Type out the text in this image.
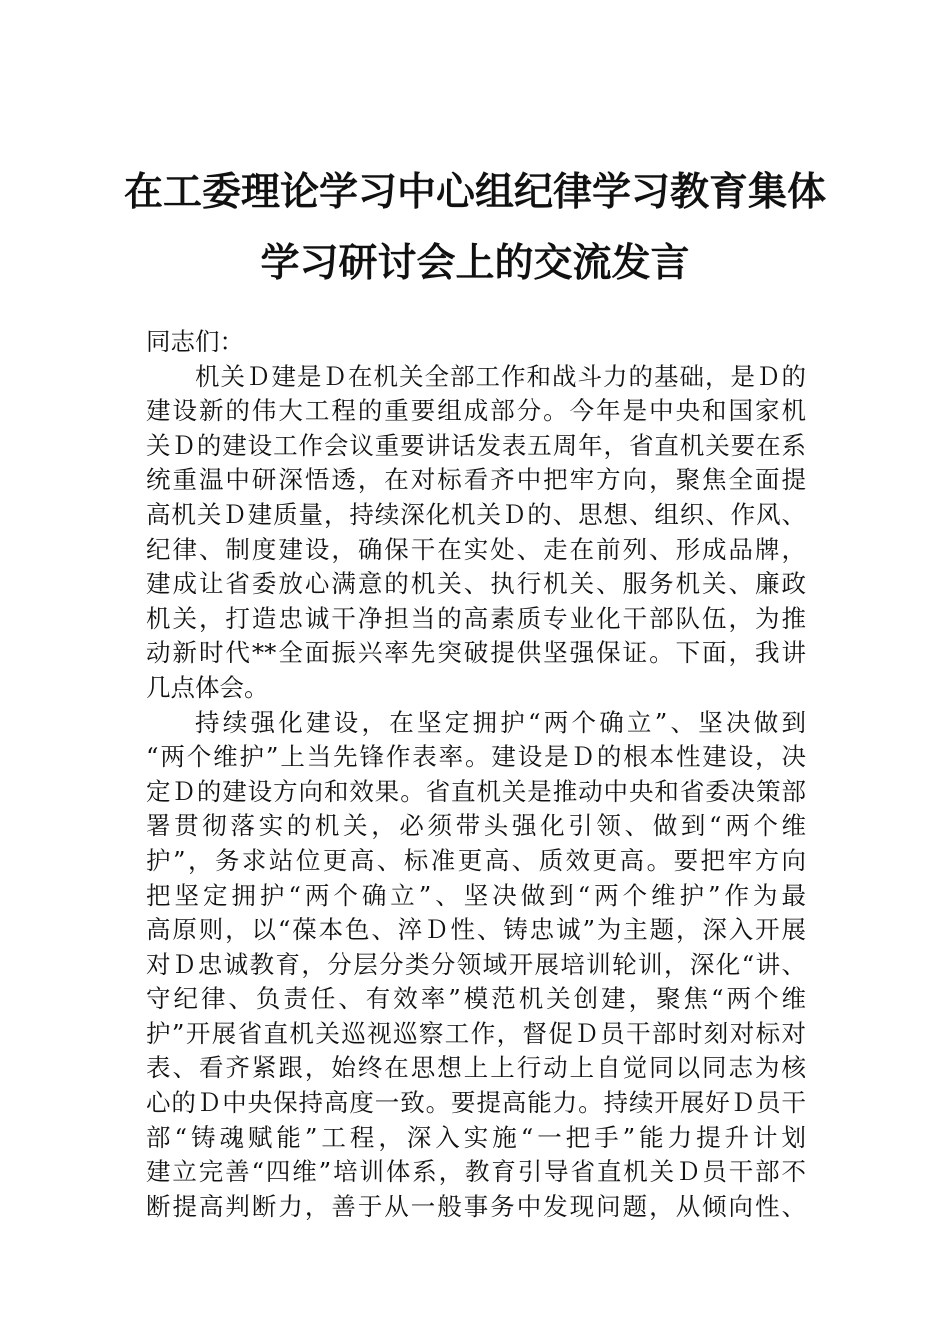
在工委理论学习中心组纪律学习教育集体
学习研讨会上的交流发言
同志们：
机关Ｄ建是Ｄ在机关全部工作和战斗力的基础，是Ｄ的
建设新的伟大工程的重要组成部分。今年是中央和国家机
关Ｄ的建设工作会议重要讲话发表五周年，省直机关要在系
统重温中研深悟透，在对标看齐中把牢方向，聚焦全面提
高机关Ｄ建质量，持续深化机关Ｄ的、思想、组织、作风、
纪律、制度建设，确保干在实处、走在前列、形成品牌，
建成让省委放心满意的机关、执行机关、服务机关、廉政
机关，打造忠诚干净担当的高素质专业化干部队伍，为推
动新时代**全面振兴率先突破提供坚强保证。下面，我讲
几点体会。
持续强化建设，在坚定拥护“两个确立”、坚决做到
“两个维护”上当先锋作表率。建设是Ｄ的根本性建设，决
定Ｄ的建设方向和效果。省直机关是推动中央和省委决策部
署贯彻落实的机关，必须带头强化引领、做到“两个维
护”，务求站位更高、标准更高、质效更高。要把牢方向
把坚定拥护“两个确立”、坚决做到“两个维护”作为最
高原则，以“葆本色、淬Ｄ性、铸忠诚”为主题，深入开展
对Ｄ忠诚教育，分层分类分领域开展培训轮训，深化“讲、
守纪律、负责任、有效率”模范机关创建，聚焦“两个维
护”开展省直机关巡视巡察工作，督促Ｄ员干部时刻对标对
表、看齐紧跟，始终在思想上上行动上自觉同以同志为核
心的Ｄ中央保持高度一致。要提高能力。持续开展好Ｄ员干
部“铸魂赋能”工程，深入实施“一把手”能力提升计划
建立完善“四维”培训体系，教育引导省直机关Ｄ员干部不
断提高判断力，善于从一般事务中发现问题，从倾向性、
